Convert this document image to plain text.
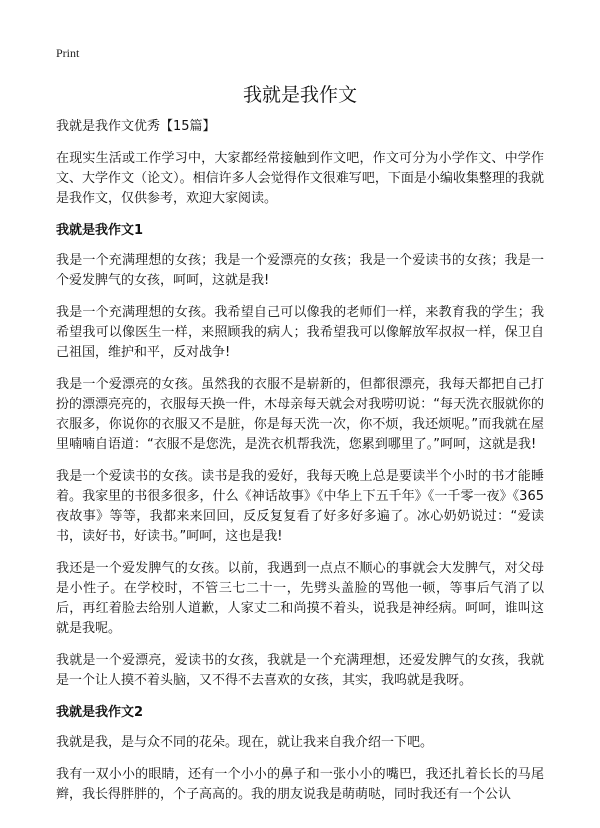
Print
我就是我作文

我就是我作文优秀【15篇】

在现实生活或工作学习中，大家都经常接触到作文吧，作文可分为小学作文、中学作文、大学作文（论文）。相信许多人会觉得作文很难写吧，下面是小编收集整理的我就是我作文，仅供参考，欢迎大家阅读。

我就是我作文1

我是一个充满理想的女孩；我是一个爱漂亮的女孩；我是一个爱读书的女孩；我是一个爱发脾气的女孩，呵呵，这就是我!

我是一个充满理想的女孩。我希望自己可以像我的老师们一样，来教育我的学生；我希望我可以像医生一样，来照顾我的病人；我希望我可以像解放军叔叔一样，保卫自己祖国，维护和平，反对战争!

我是一个爱漂亮的女孩。虽然我的衣服不是崭新的，但都很漂亮，我每天都把自己打扮的漂漂亮亮的，衣服每天换一件，木母亲每天就会对我唠叨说：“每天洗衣服就你的衣服多，你说你的衣服又不是脏，你是每天洗一次，你不烦，我还烦呢。”而我就在屋里喃喃自语道：“衣服不是您洗，是洗衣机帮我洗，您累到哪里了。”呵呵，这就是我!

我是一个爱读书的女孩。读书是我的爱好，我每天晚上总是要读半个小时的书才能睡着。我家里的书很多很多，什么《神话故事》《中华上下五千年》《一千零一夜》《365夜故事》等等，我都来来回回，反反复复看了好多好多遍了。冰心奶奶说过：“爱读书，读好书，好读书。”呵呵，这也是我!

我还是一个爱发脾气的女孩。以前，我遇到一点点不顺心的事就会大发脾气，对父母是小性子。在学校时，不管三七二十一，先劈头盖脸的骂他一顿，等事后气消了以后，再红着脸去给别人道歉，人家丈二和尚摸不着头，说我是神经病。呵呵，谁叫这就是我呢。

我就是一个爱漂亮，爱读书的女孩，我就是一个充满理想，还爱发脾气的女孩，我就是一个让人摸不着头脑，又不得不去喜欢的女孩，其实，我呜就是我呀。

我就是我作文2

我就是我，是与众不同的花朵。现在，就让我来自我介绍一下吧。

我有一双小小的眼睛，还有一个小小的鼻子和一张小小的嘴巴，我还扎着长长的马尾辫，我长得胖胖的，个子高高的。我的朋友说我是萌萌哒，同时我还有一个公认
